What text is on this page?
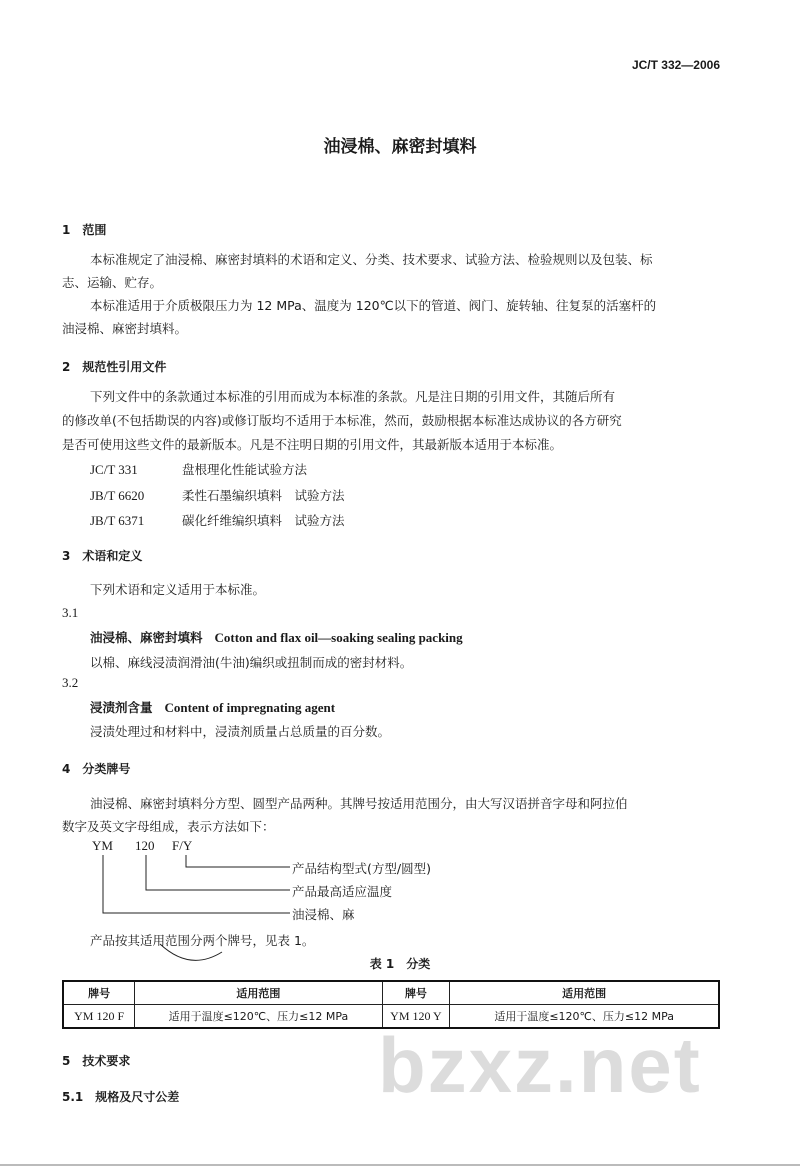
JC/T 332—2006
油浸棉、麻密封填料
1　范围
本标准规定了油浸棉、麻密封填料的术语和定义、分类、技术要求、试验方法、检验规则以及包装、标
志、运输、贮存。
本标准适用于介质极限压力为 12 MPa、温度为 120℃以下的管道、阀门、旋转轴、往复泵的活塞杆的
油浸棉、麻密封填料。
2　规范性引用文件
下列文件中的条款通过本标准的引用而成为本标准的条款。凡是注日期的引用文件，其随后所有
的修改单(不包括勘误的内容)或修订版均不适用于本标准，然而，鼓励根据本标准达成协议的各方研究
是否可使用这些文件的最新版本。凡是不注明日期的引用文件，其最新版本适用于本标准。
JC/T 331	盘根理化性能试验方法
JB/T 6620	柔性石墨编织填料　试验方法
JB/T 6371	碳化纤维编织填料　试验方法
3　术语和定义
下列术语和定义适用于本标准。
3.1
油浸棉、麻密封填料 Cotton and flax oil—soaking sealing packing
以棉、麻线浸渍润滑油(牛油)编织或扭制而成的密封材料。
3.2
浸渍剂含量 Content of impregnating agent
浸渍处理过和材料中，浸渍剂质量占总质量的百分数。
4　分类牌号
油浸棉、麻密封填料分方型、圆型产品两种。其牌号按适用范围分，由大写汉语拼音字母和阿拉伯
数字及英文字母组成，表示方法如下：
YM 120 F/Y
产品结构型式(方型/圆型)
产品最高适应温度
油浸棉、麻
产品按其适用范围分两个牌号，见表 1。
表 1　分类
牌号	适用范围	牌号	适用范围
YM 120 F	适用于温度≤120℃、压力≤12 MPa	YM 120 Y	适用于温度≤120℃、压力≤12 MPa
bzxz.net
5　技术要求
5.1　规格及尺寸公差
